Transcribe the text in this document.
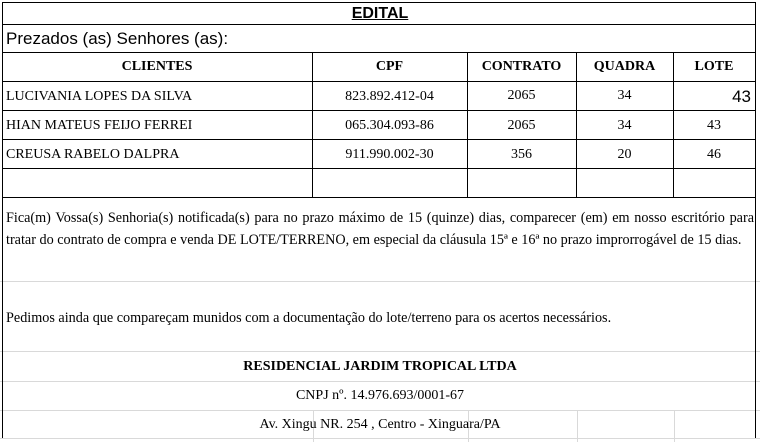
EDITAL
Prezados (as) Senhores (as):
CLIENTES	CPF	CONTRATO	QUADRA	LOTE
LUCIVANIA LOPES DA SILVA	823.892.412-04	2065	34	43
HIAN MATEUS FEIJO FERREI	065.304.093-86	2065	34	43
CREUSA RABELO DALPRA	911.990.002-30	356	20	46
Fica(m) Vossa(s) Senhoria(s) notificada(s) para no prazo máximo de 15 (quinze) dias, comparecer (em) em nosso escritório para tratar do contrato de compra e venda DE LOTE/TERRENO, em especial da cláusula 15ª e 16ª no prazo improrrogável de 15 dias.
Pedimos ainda que compareçam munidos com a documentação do lote/terreno para os acertos necessários.
RESIDENCIAL JARDIM TROPICAL LTDA
CNPJ nº. 14.976.693/0001-67
Av. Xingu NR. 254 , Centro - Xinguara/PA
